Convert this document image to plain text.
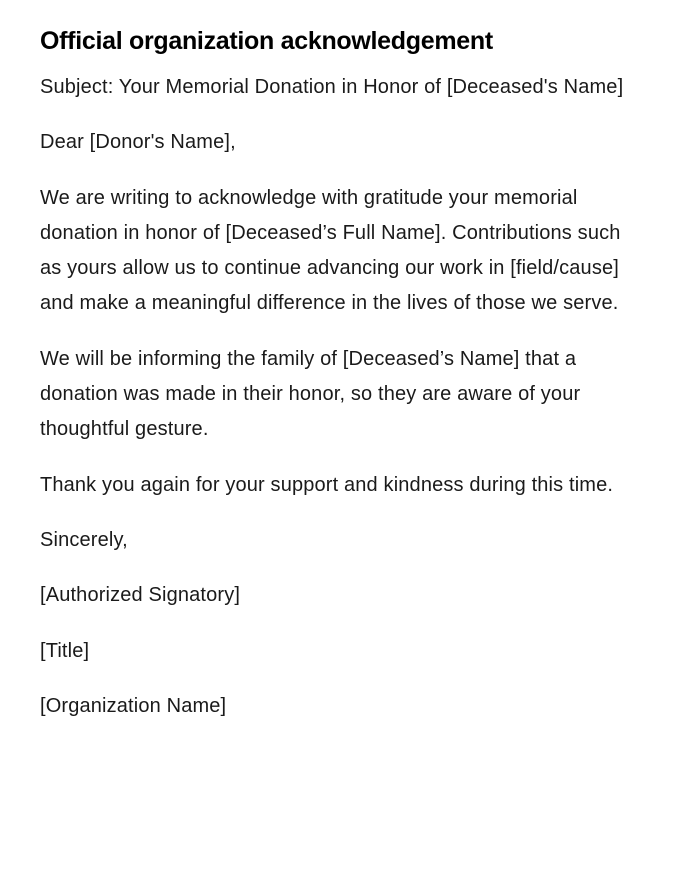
Official organization acknowledgement

Subject: Your Memorial Donation in Honor of [Deceased's Name]

Dear [Donor's Name],

We are writing to acknowledge with gratitude your memorial donation in honor of [Deceased’s Full Name]. Contributions such as yours allow us to continue advancing our work in [field/cause] and make a meaningful difference in the lives of those we serve.

We will be informing the family of [Deceased’s Name] that a donation was made in their honor, so they are aware of your thoughtful gesture.

Thank you again for your support and kindness during this time.

Sincerely,

[Authorized Signatory]

[Title]

[Organization Name]
